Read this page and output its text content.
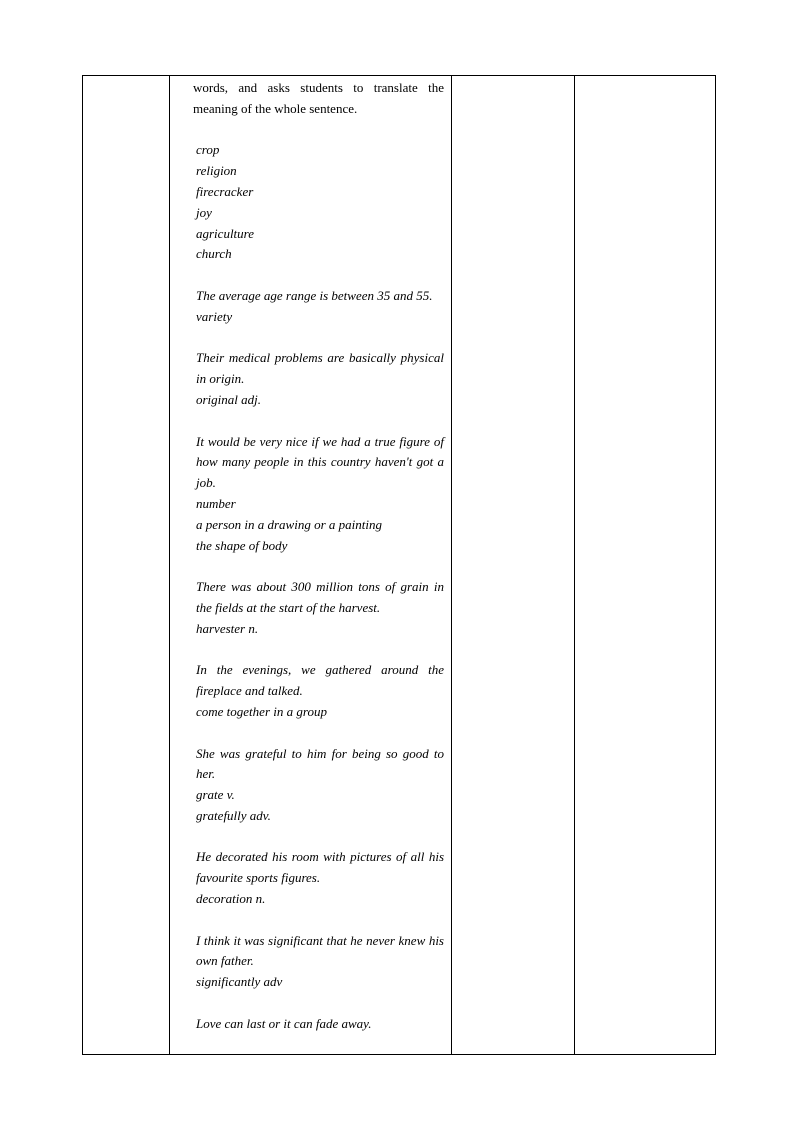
words, and asks students to translate the meaning of the whole sentence.

crop
religion
firecracker
joy
agriculture
church
The average age range is between 35 and 55.
variety
Their medical problems are basically physical in origin.
original adj.
It would be very nice if we had a true figure of how many people in this country haven't got a job.
number
a person in a drawing or a painting
the shape of body
There was about 300 million tons of grain in the fields at the start of the harvest.
harvester n.
In the evenings, we gathered around the fireplace and talked.
come together in a group
She was grateful to him for being so good to her.
grate v.
gratefully adv.
He decorated his room with pictures of all his favourite sports figures.
decoration n.
I think it was significant that he never knew his own father.
significantly adv
Love can last or it can fade away.
